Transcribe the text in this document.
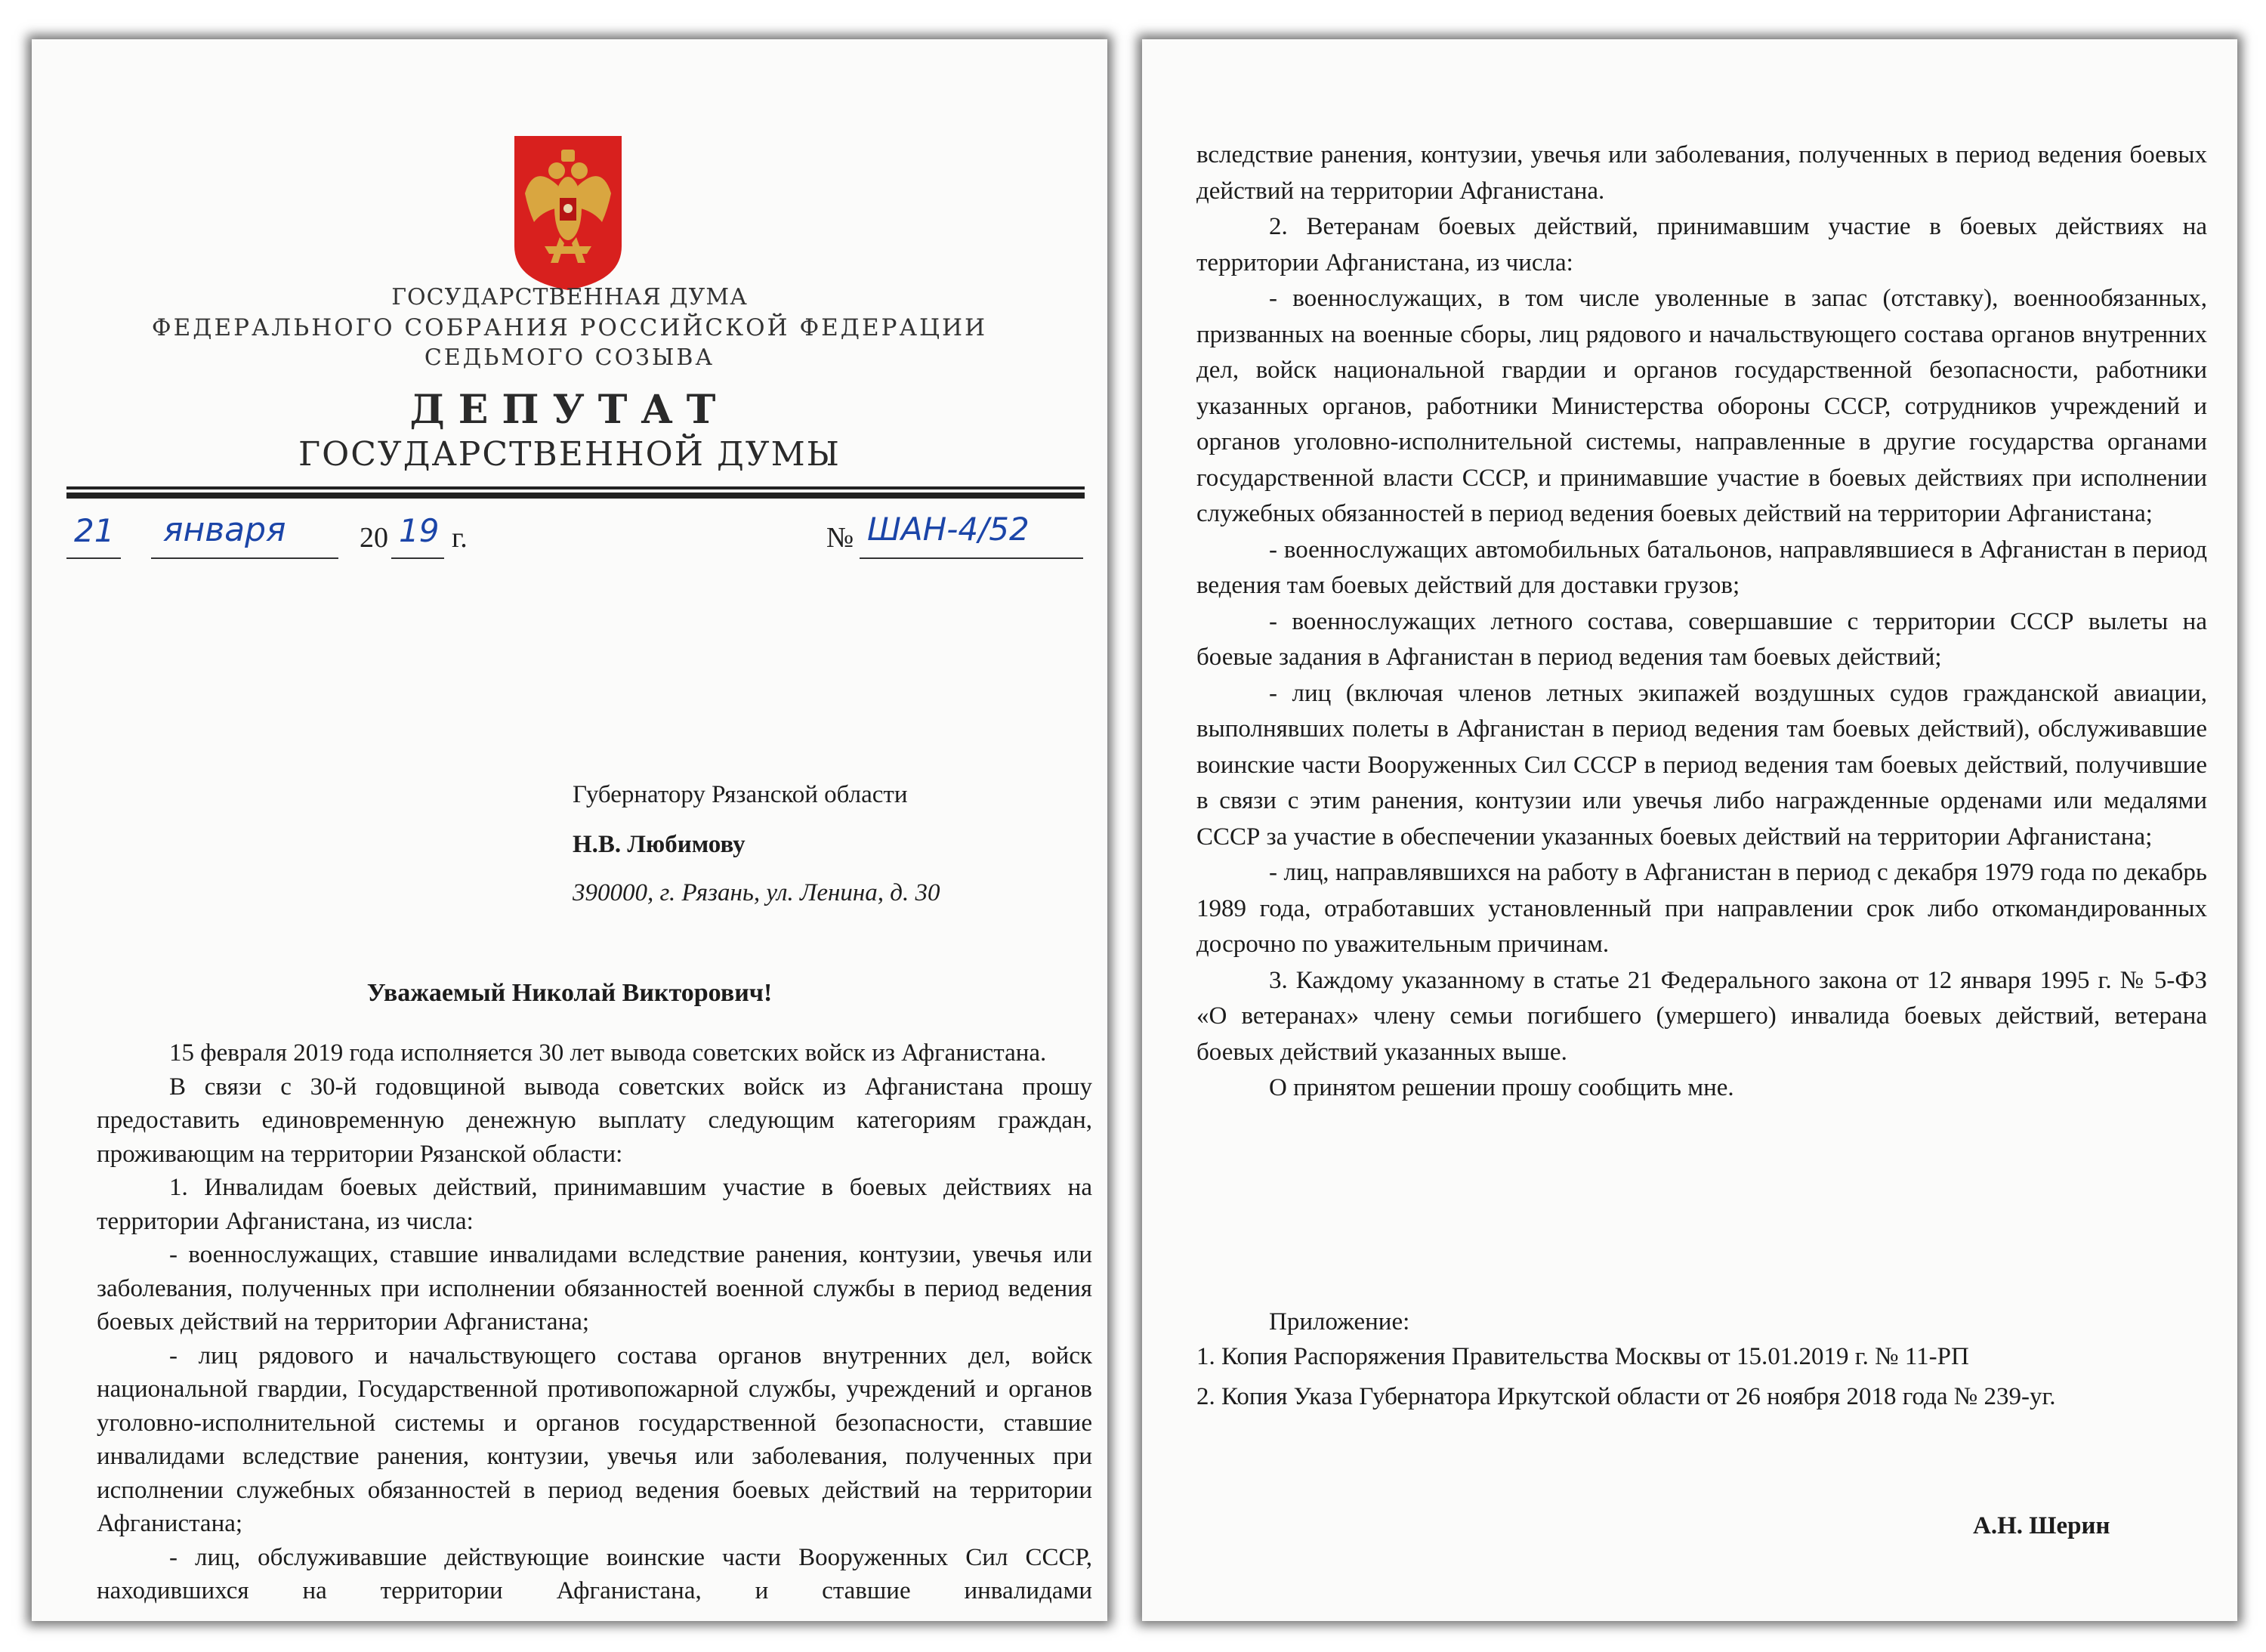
ГОСУДАРСТВЕННАЯ ДУМА
ФЕДЕРАЛЬНОГО СОБРАНИЯ РОССИЙСКОЙ ФЕДЕРАЦИИ
СЕДЬМОГО СОЗЫВА
ДЕПУТАТ
ГОСУДАРСТВЕННОЙ ДУМЫ
21 января	20 19 г.	№ ШАН-4/52
Губернатору Рязанской области
Н.В. Любимову
390000, г. Рязань, ул. Ленина, д. 30
Уважаемый Николай Викторович!

15 февраля 2019 года исполняется 30 лет вывода советских войск из Афганистана.

В связи с 30-й годовщиной вывода советских войск из Афганистана прошу предоставить единовременную денежную выплату следующим категориям граждан, проживающим на территории Рязанской области:

1. Инвалидам боевых действий, принимавшим участие в боевых действиях на территории Афганистана, из числа:

- военнослужащих, ставшие инвалидами вследствие ранения, контузии, увечья или заболевания, полученных при исполнении обязанностей военной службы в период ведения боевых действий на территории Афганистана;

- лиц рядового и начальствующего состава органов внутренних дел, войск национальной гвардии, Государственной противопожарной службы, учреждений и органов уголовно-исполнительной системы и органов государственной безопасности, ставшие инвалидами вследствие ранения, контузии, увечья или заболевания, полученных при исполнении служебных обязанностей в период ведения боевых действий на территории Афганистана;

- лиц, обслуживавшие действующие воинские части Вооруженных Сил СССР, находившихся на территории Афганистана, и ставшие инвалидами

вследствие ранения, контузии, увечья или заболевания, полученных в период ведения боевых действий на территории Афганистана.

2. Ветеранам боевых действий, принимавшим участие в боевых действиях на территории Афганистана, из числа:

- военнослужащих, в том числе уволенные в запас (отставку), военнообязанных, призванных на военные сборы, лиц рядового и начальствующего состава органов внутренних дел, войск национальной гвардии и органов государственной безопасности, работники указанных органов, работники Министерства обороны СССР, сотрудников учреждений и органов уголовно-исполнительной системы, направленные в другие государства органами государственной власти СССР, и принимавшие участие в боевых действиях при исполнении служебных обязанностей в период ведения боевых действий на территории Афганистана;

- военнослужащих автомобильных батальонов, направлявшиеся в Афганистан в период ведения там боевых действий для доставки грузов;

- военнослужащих летного состава, совершавшие с территории СССР вылеты на боевые задания в Афганистан в период ведения там боевых действий;

- лиц (включая членов летных экипажей воздушных судов гражданской авиации, выполнявших полеты в Афганистан в период ведения там боевых действий), обслуживавшие воинские части Вооруженных Сил СССР в период ведения там боевых действий, получившие в связи с этим ранения, контузии или увечья либо награжденные орденами или медалями СССР за участие в обеспечении указанных боевых действий на территории Афганистана;

- лиц, направлявшихся на работу в Афганистан в период с декабря 1979 года по декабрь 1989 года, отработавших установленный при направлении срок либо откомандированных досрочно по уважительным причинам.

3. Каждому указанному в статье 21 Федерального закона от 12 января 1995 г. № 5-ФЗ «О ветеранах» члену семьи погибшего (умершего) инвалида боевых действий, ветерана боевых действий указанных выше.

О принятом решении прошу сообщить мне.

Приложение:
1. Копия Распоряжения Правительства Москвы от 15.01.2019 г. № 11-РП
2. Копия Указа Губернатора Иркутской области от 26 ноября 2018 года № 239-уг.
А.Н. Шерин
